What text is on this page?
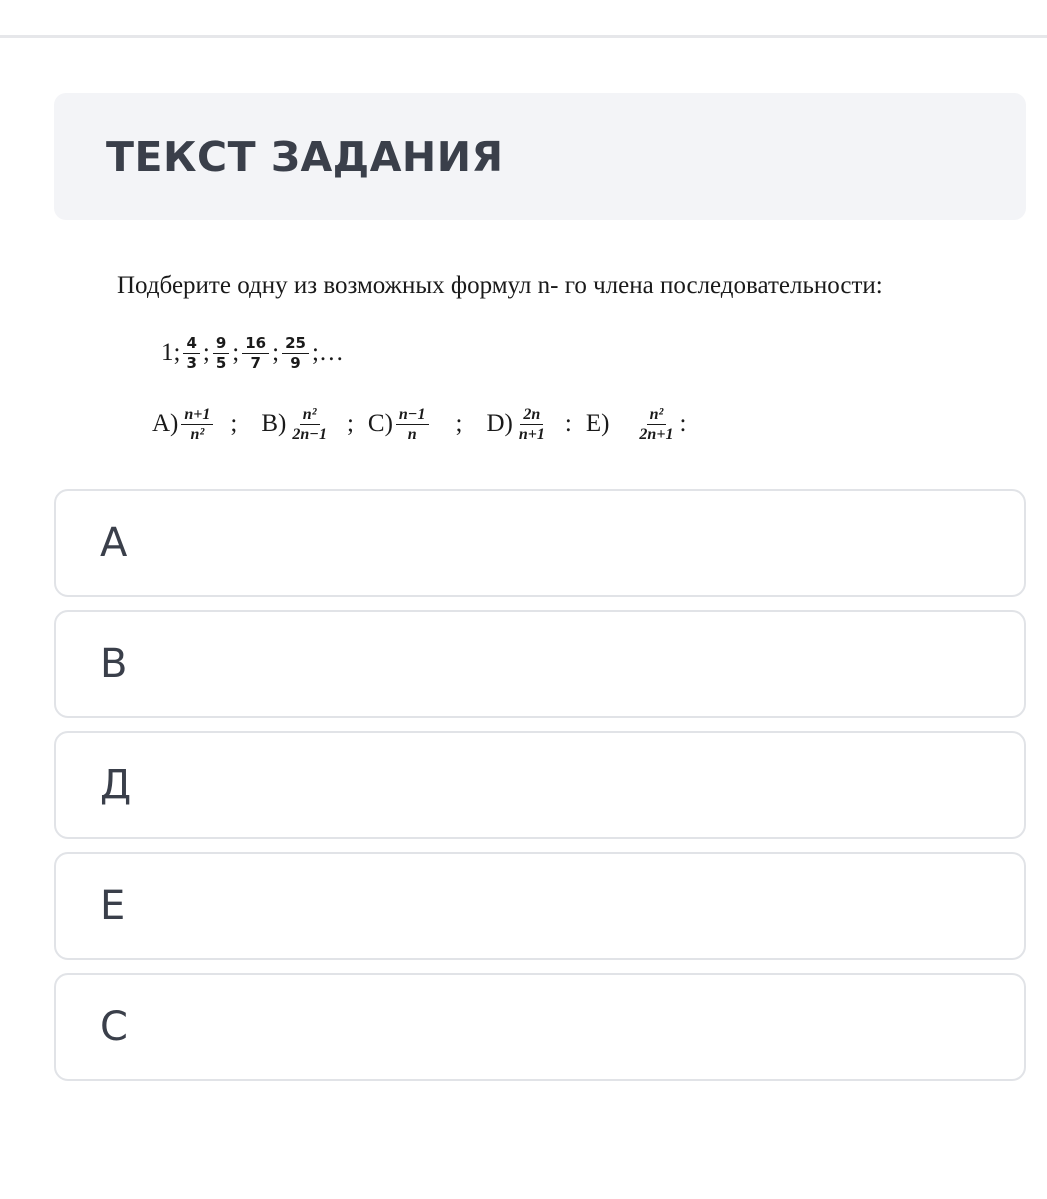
ТЕКСТ ЗАДАНИЯ
Подберите одну из возможных формул n- го члена последовательности:
1; $\frac{4}{3}$ ; $\frac{9}{5}$ ; $\frac{16}{7}$ ; $\frac{25}{9}$ ;…
$A) \frac{n+1}{\text{n²}}$ ; $B) \frac{\text{n²}}{2n-1}$ ; $C) \frac{n-1}{n}$ ; $D) \frac{2n}{n+1}$ : $E) \frac{\text{n²}}{2n+1}$ :
A
B
Д
E
C
